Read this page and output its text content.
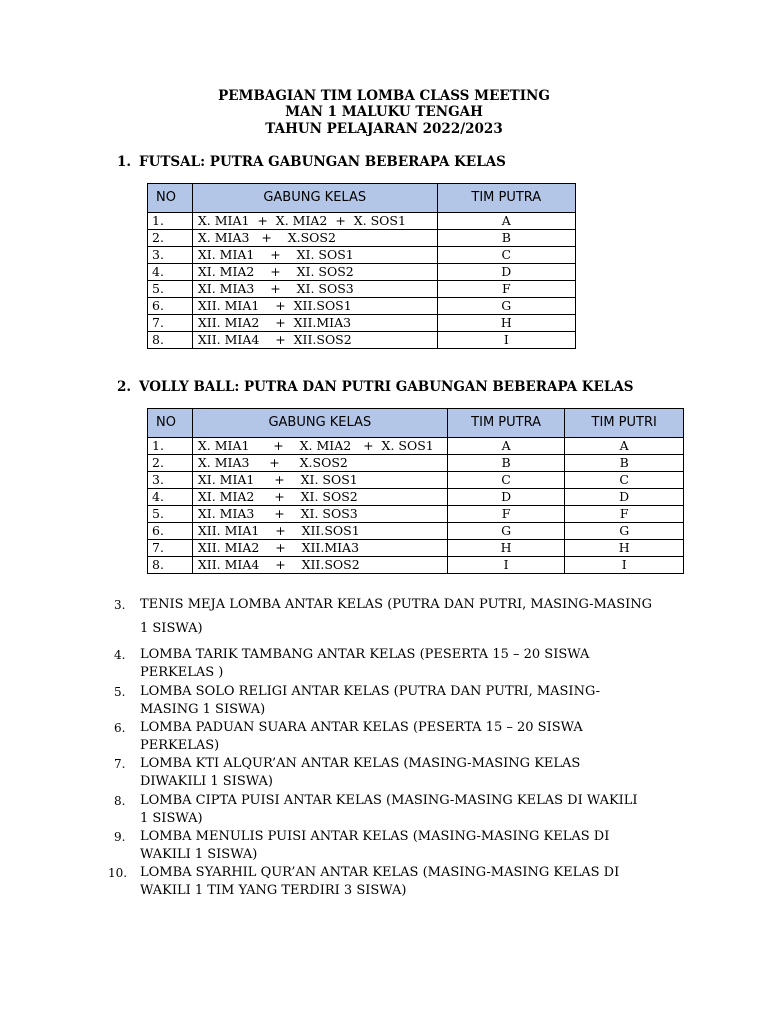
PEMBAGIAN TIM LOMBA CLASS MEETING
MAN 1 MALUKU TENGAH
TAHUN PELAJARAN 2022/2023
1. FUTSAL: PUTRA GABUNGAN BEBERAPA KELAS
NO	GABUNG KELAS	TIM PUTRA
1.	X. MIA1  +  X. MIA2  +  X. SOS1	A
2.	X. MIA3   +    X.SOS2	B
3.	XI. MIA1    +    XI. SOS1	C
4.	XI. MIA2    +    XI. SOS2	D
5.	XI. MIA3    +    XI. SOS3	F
6.	XII. MIA1    +  XII.SOS1	G
7.	XII. MIA2    +  XII.MIA3	H
8.	XII. MIA4    +  XII.SOS2	I
2. VOLLY BALL: PUTRA DAN PUTRI GABUNGAN BEBERAPA KELAS
NO	GABUNG KELAS	TIM PUTRA	TIM PUTRI
1.	X. MIA1      +    X. MIA2   +  X. SOS1	A	A
2.	X. MIA3     +     X.SOS2	B	B
3.	XI. MIA1     +    XI. SOS1	C	C
4.	XI. MIA2     +    XI. SOS2	D	D
5.	XI. MIA3     +    XI. SOS3	F	F
6.	XII. MIA1    +    XII.SOS1	G	G
7.	XII. MIA2    +    XII.MIA3	H	H
8.	XII. MIA4    +    XII.SOS2	I	I
3.	TENIS MEJA LOMBA ANTAR KELAS (PUTRA DAN PUTRI, MASING-MASING
1 SISWA)
4.	LOMBA TARIK TAMBANG ANTAR KELAS (PESERTA 15 – 20 SISWA
PERKELAS )
5.	LOMBA SOLO RELIGI ANTAR KELAS (PUTRA DAN PUTRI, MASING-
MASING 1 SISWA)
6.	LOMBA PADUAN SUARA ANTAR KELAS (PESERTA 15 – 20 SISWA
PERKELAS)
7.	LOMBA KTI ALQUR’AN ANTAR KELAS (MASING-MASING KELAS
DIWAKILI 1 SISWA)
8.	LOMBA CIPTA PUISI ANTAR KELAS (MASING-MASING KELAS DI WAKILI
1 SISWA)
9.	LOMBA MENULIS PUISI ANTAR KELAS (MASING-MASING KELAS DI
WAKILI 1 SISWA)
10. LOMBA SYARHIL QUR’AN ANTAR KELAS (MASING-MASING KELAS DI
WAKILI 1 TIM YANG TERDIRI 3 SISWA)
